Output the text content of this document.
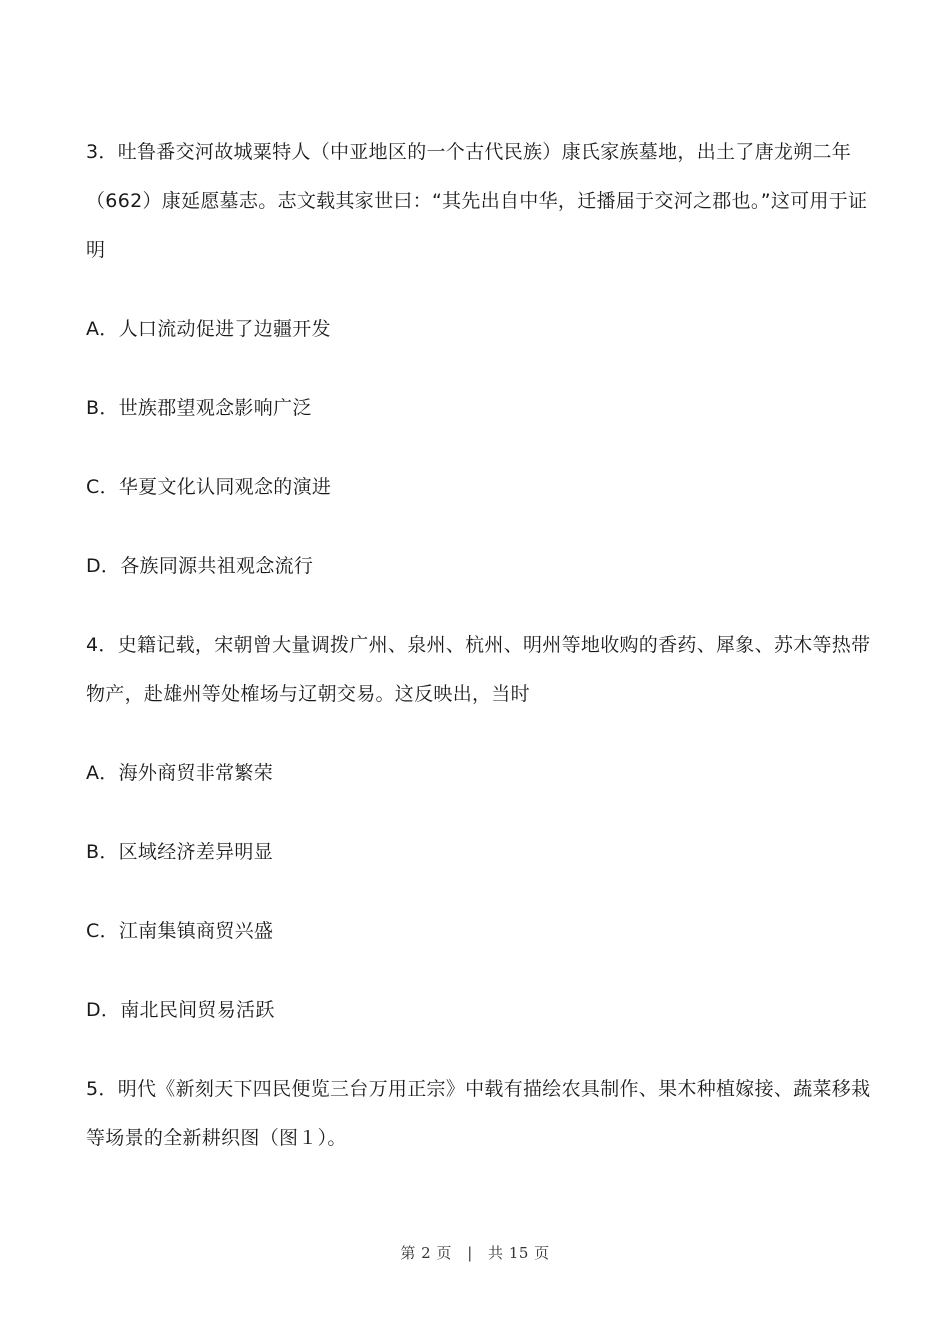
3．吐鲁番交河故城粟特人（中亚地区的一个古代民族）康氏家族墓地，出土了唐龙朔二年（662）康延愿墓志。志文载其家世曰：“其先出自中华，迁播届于交河之郡也。”这可用于证明

A．人口流动促进了边疆开发

B．世族郡望观念影响广泛

C．华夏文化认同观念的演进

D．各族同源共祖观念流行

4．史籍记载，宋朝曾大量调拨广州、泉州、杭州、明州等地收购的香药、犀象、苏木等热带物产，赴雄州等处榷场与辽朝交易。这反映出，当时

A．海外商贸非常繁荣

B．区域经济差异明显

C．江南集镇商贸兴盛

D．南北民间贸易活跃

5．明代《新刻天下四民便览三台万用正宗》中载有描绘农具制作、果木种植嫁接、蔬菜移栽等场景的全新耕织图（图１）。

第 2 页 | 共 15 页
